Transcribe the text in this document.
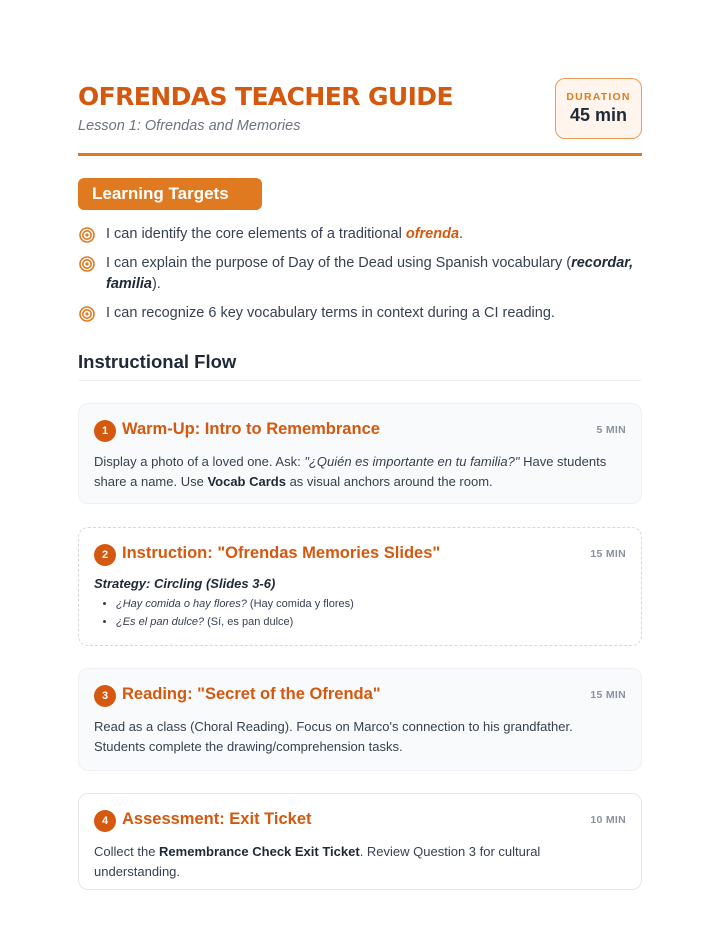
OFRENDAS TEACHER GUIDE
Lesson 1: Ofrendas and Memories
DURATION
45 min
Learning Targets
I can identify the core elements of a traditional ofrenda.
I can explain the purpose of Day of the Dead using Spanish vocabulary (recordar, familia).
I can recognize 6 key vocabulary terms in context during a CI reading.
Instructional Flow
1 Warm-Up: Intro to Remembrance	5 MIN
Display a photo of a loved one. Ask: "¿Quién es importante en tu familia?" Have students share a name. Use Vocab Cards as visual anchors around the room.
2 Instruction: "Ofrendas Memories Slides"	15 MIN
Strategy: Circling (Slides 3-6)
• ¿Hay comida o hay flores? (Hay comida y flores)
• ¿Es el pan dulce? (Sí, es pan dulce)
3 Reading: "Secret of the Ofrenda"	15 MIN
Read as a class (Choral Reading). Focus on Marco's connection to his grandfather. Students complete the drawing/comprehension tasks.
4 Assessment: Exit Ticket	10 MIN
Collect the Remembrance Check Exit Ticket. Review Question 3 for cultural understanding.
